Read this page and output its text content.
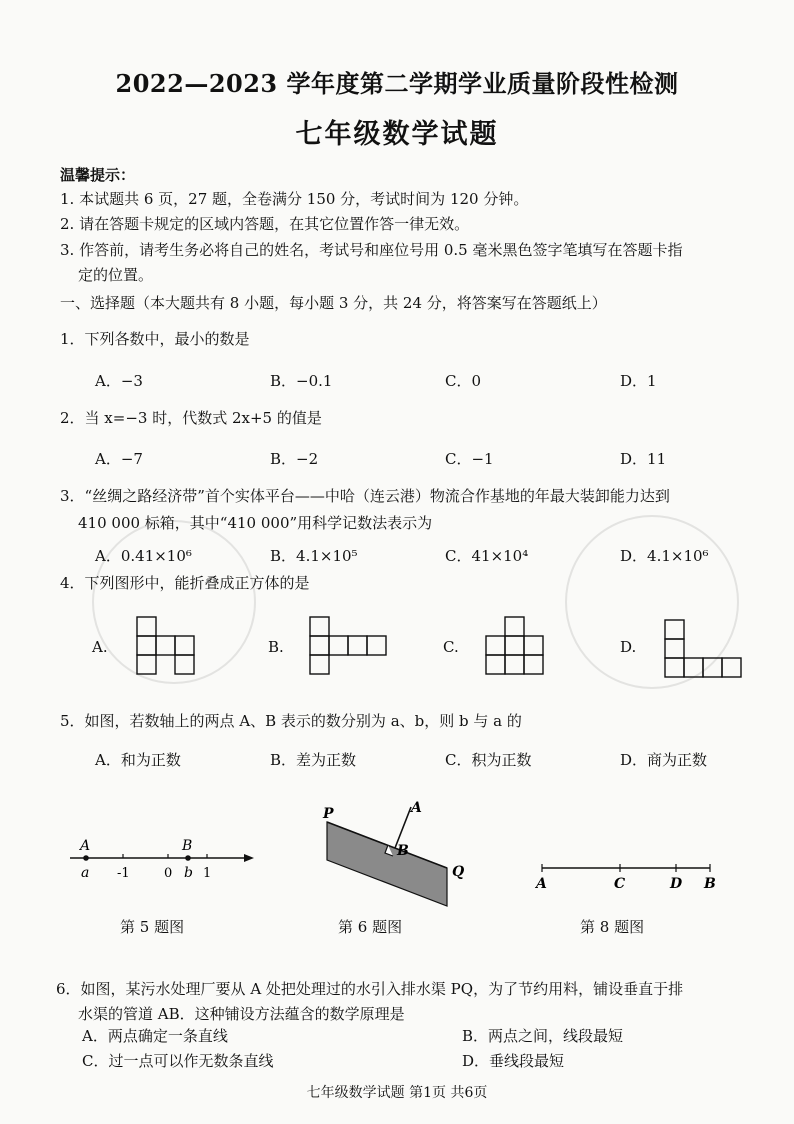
2022—2023 学年度第二学期学业质量阶段性检测
七年级数学试题
温馨提示：
1. 本试题共 6 页，27 题，全卷满分 150 分，考试时间为 120 分钟。
2. 请在答题卡规定的区域内答题，在其它位置作答一律无效。
3. 作答前，请考生务必将自己的姓名，考试号和座位号用 0.5 毫米黑色签字笔填写在答题卡指
定的位置。
一、选择题（本大题共有 8 小题，每小题 3 分，共 24 分，将答案写在答题纸上）
1．下列各数中，最小的数是
A．−3	B．−0.1	C．0	D．1
2．当 x=−3 时，代数式 2x+5 的值是
A．−7	B．−2	C．−1	D．11
3．“丝绸之路经济带”首个实体平台——中哈（连云港）物流合作基地的年最大装卸能力达到
410 000 标箱，其中“410 000”用科学记数法表示为
A．0.41×10⁶	B．4.1×10⁵	C．41×10⁴	D．4.1×10⁶
4．下列图形中，能折叠成正方体的是
A.	B.	C.	D.
5．如图，若数轴上的两点 A、B 表示的数分别为 a、b，则 b 与 a 的
A．和为正数	B．差为正数	C．积为正数	D．商为正数
A	B
a -1	0 b 1
第 5 题图
P	A
B
Q
第 6 题图
A	C	D B
第 8 题图
6．如图，某污水处理厂要从 A 处把处理过的水引入排水渠 PQ，为了节约用料，铺设垂直于排
水渠的管道 AB．这种铺设方法蕴含的数学原理是
A．两点确定一条直线	B．两点之间，线段最短
C．过一点可以作无数条直线	D．垂线段最短
七年级数学试题 第1页 共6页
